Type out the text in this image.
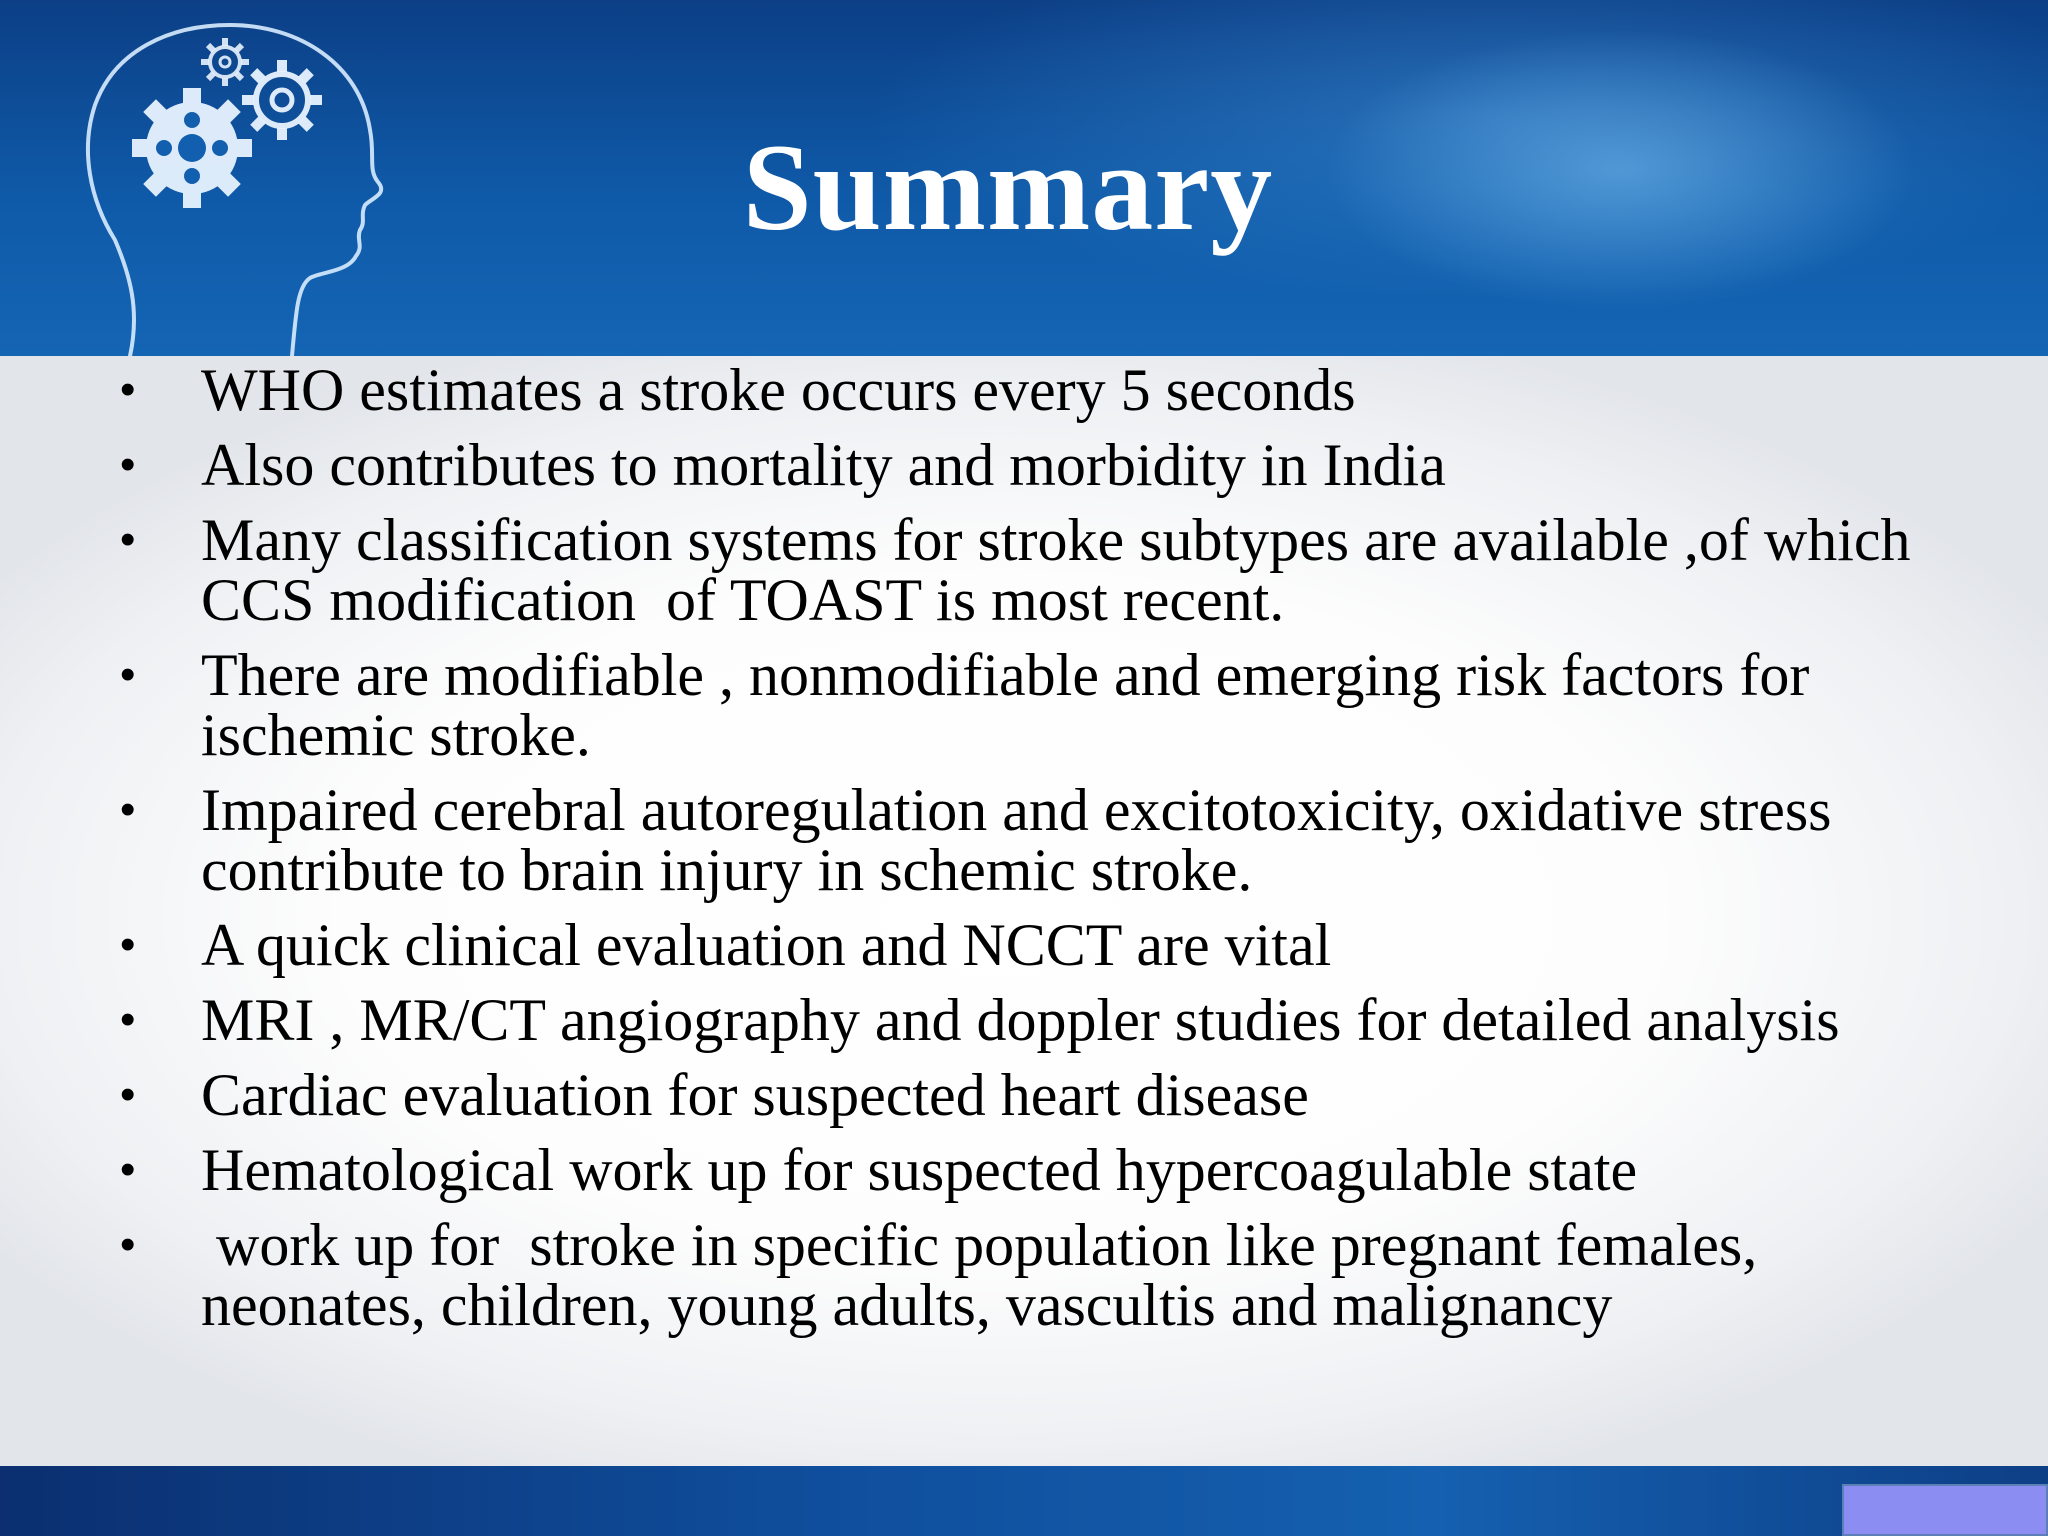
Summary
•	WHO estimates a stroke occurs every 5 seconds
•	Also contributes to mortality and morbidity in India
•	Many classification systems for stroke subtypes are available ,of which CCS modification  of TOAST is most recent.
•	There are modifiable , nonmodifiable and emerging risk factors for ischemic stroke.
•	Impaired cerebral autoregulation and excitotoxicity, oxidative stress contribute to brain injury in schemic stroke.
•	A quick clinical evaluation and NCCT are vital
•	MRI , MR/CT angiography and doppler studies for detailed analysis
•	Cardiac evaluation for suspected heart disease
•	Hematological work up for suspected hypercoagulable state
•	work up for  stroke in specific population like pregnant females, neonates, children, young adults, vascultis and malignancy
